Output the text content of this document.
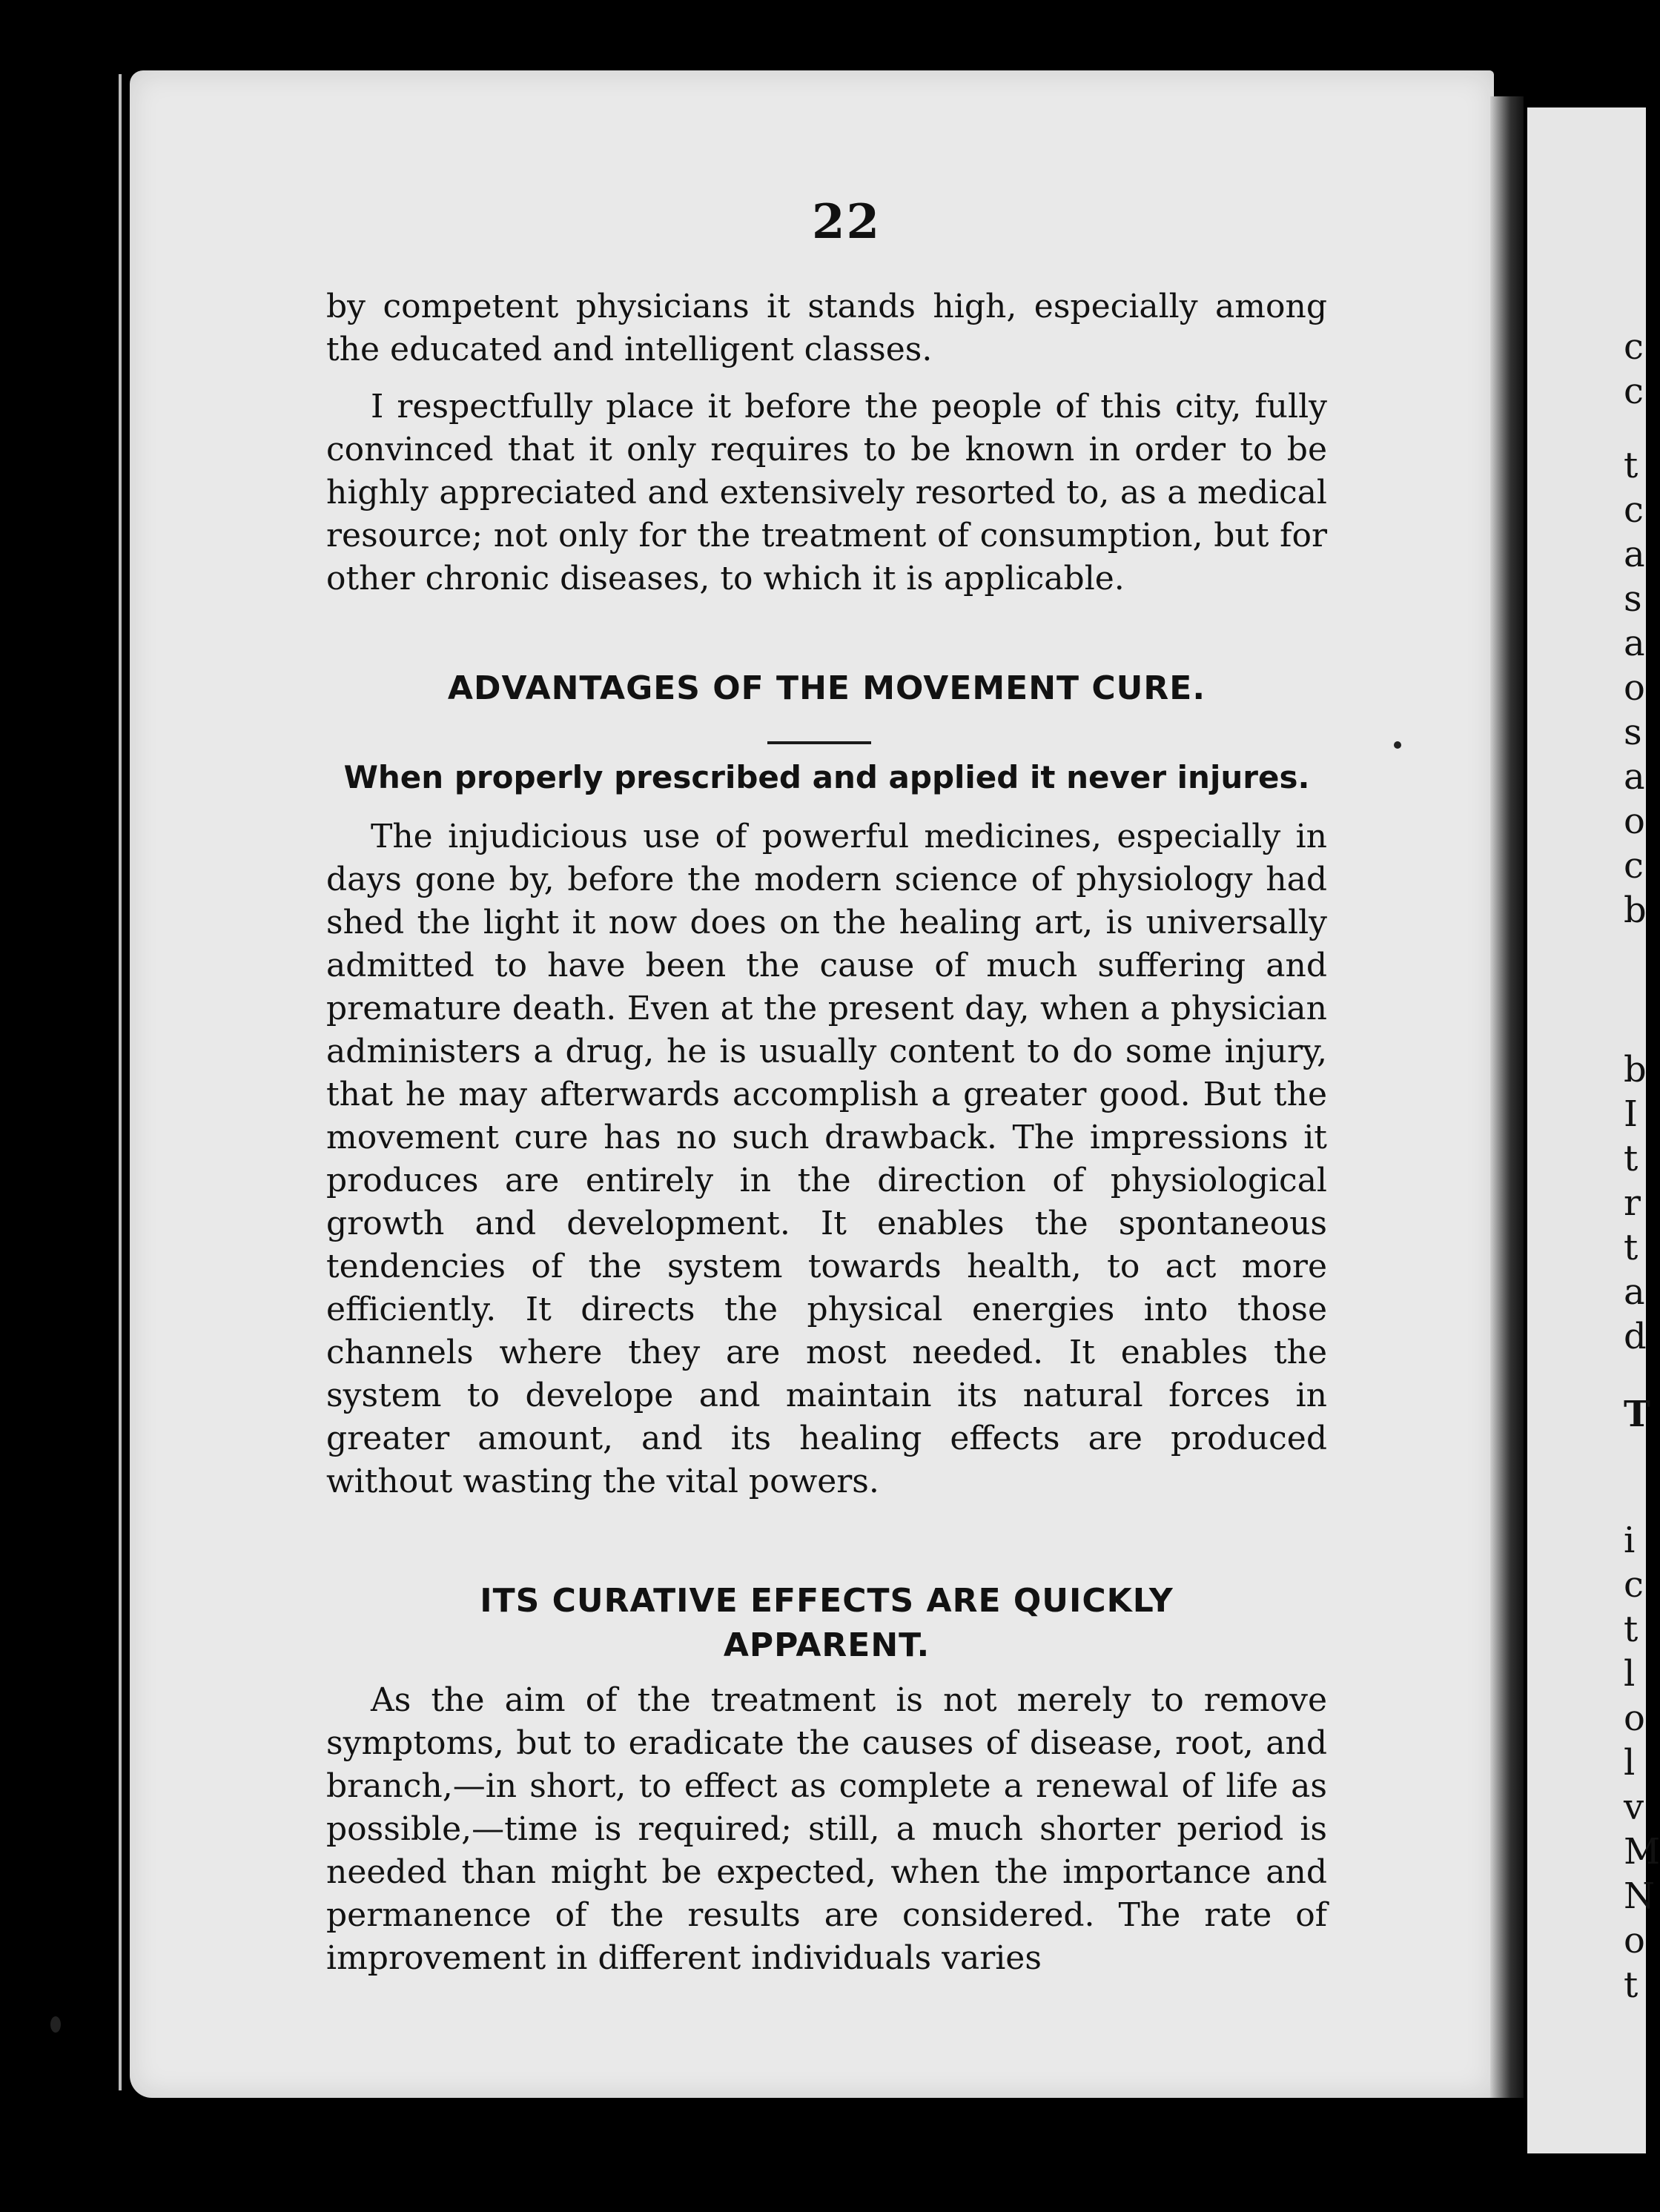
c
c
t
c
a
s
a
o
s
a
o
c
b
b
I
t
r
t
a
d
T
i
c
t
l
o
l
v
M
N
o
t
22
by competent physicians it stands high, especially among the educated and intelligent classes.
I respectfully place it before the people of this city, fully convinced that it only requires to be known in order to be highly appreciated and extensively resorted to, as a medical resource; not only for the treatment of consumption, but for other chronic diseases, to which it is applicable.
ADVANTAGES OF THE MOVEMENT CURE.
When properly prescribed and applied it never injures.
The injudicious use of powerful medicines, especially in days gone by, before the modern science of physiology had shed the light it now does on the healing art, is universally admitted to have been the cause of much suffering and premature death. Even at the present day, when a physician administers a drug, he is usually content to do some injury, that he may afterwards accomplish a greater good. But the movement cure has no such drawback. The impressions it produces are entirely in the direction of physiological growth and development. It enables the spontaneous tendencies of the system towards health, to act more efficiently. It directs the physical energies into those channels where they are most needed. It enables the system to develope and maintain its natural forces in greater amount, and its healing effects are produced without wasting the vital powers.
ITS CURATIVE EFFECTS ARE QUICKLY
APPARENT.
As the aim of the treatment is not merely to remove symptoms, but to eradicate the causes of disease, root, and branch,—in short, to effect as complete a renewal of life as possible,—time is required; still, a much shorter period is needed than might be expected, when the importance and permanence of the results are considered. The rate of improvement in different individuals varies
